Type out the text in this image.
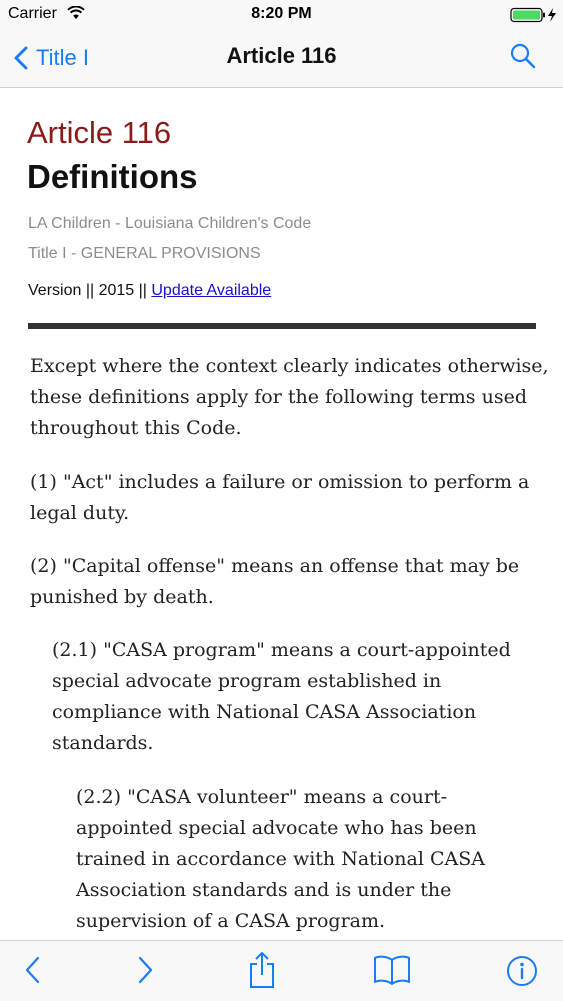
Carrier	8:20 PM
Title I	Article 116
Article 116
Definitions
LA Children - Louisiana Children's Code
Title I - GENERAL PROVISIONS
Version || 2015 || Update Available
Except where the context clearly indicates otherwise, these definitions apply for the following terms used throughout this Code.
(1) "Act" includes a failure or omission to perform a legal duty.
(2) "Capital offense" means an offense that may be punished by death.
(2.1) "CASA program" means a court-appointed special advocate program established in compliance with National CASA Association standards.
(2.2) "CASA volunteer" means a court-appointed special advocate who has been trained in accordance with National CASA Association standards and is under the supervision of a CASA program.
